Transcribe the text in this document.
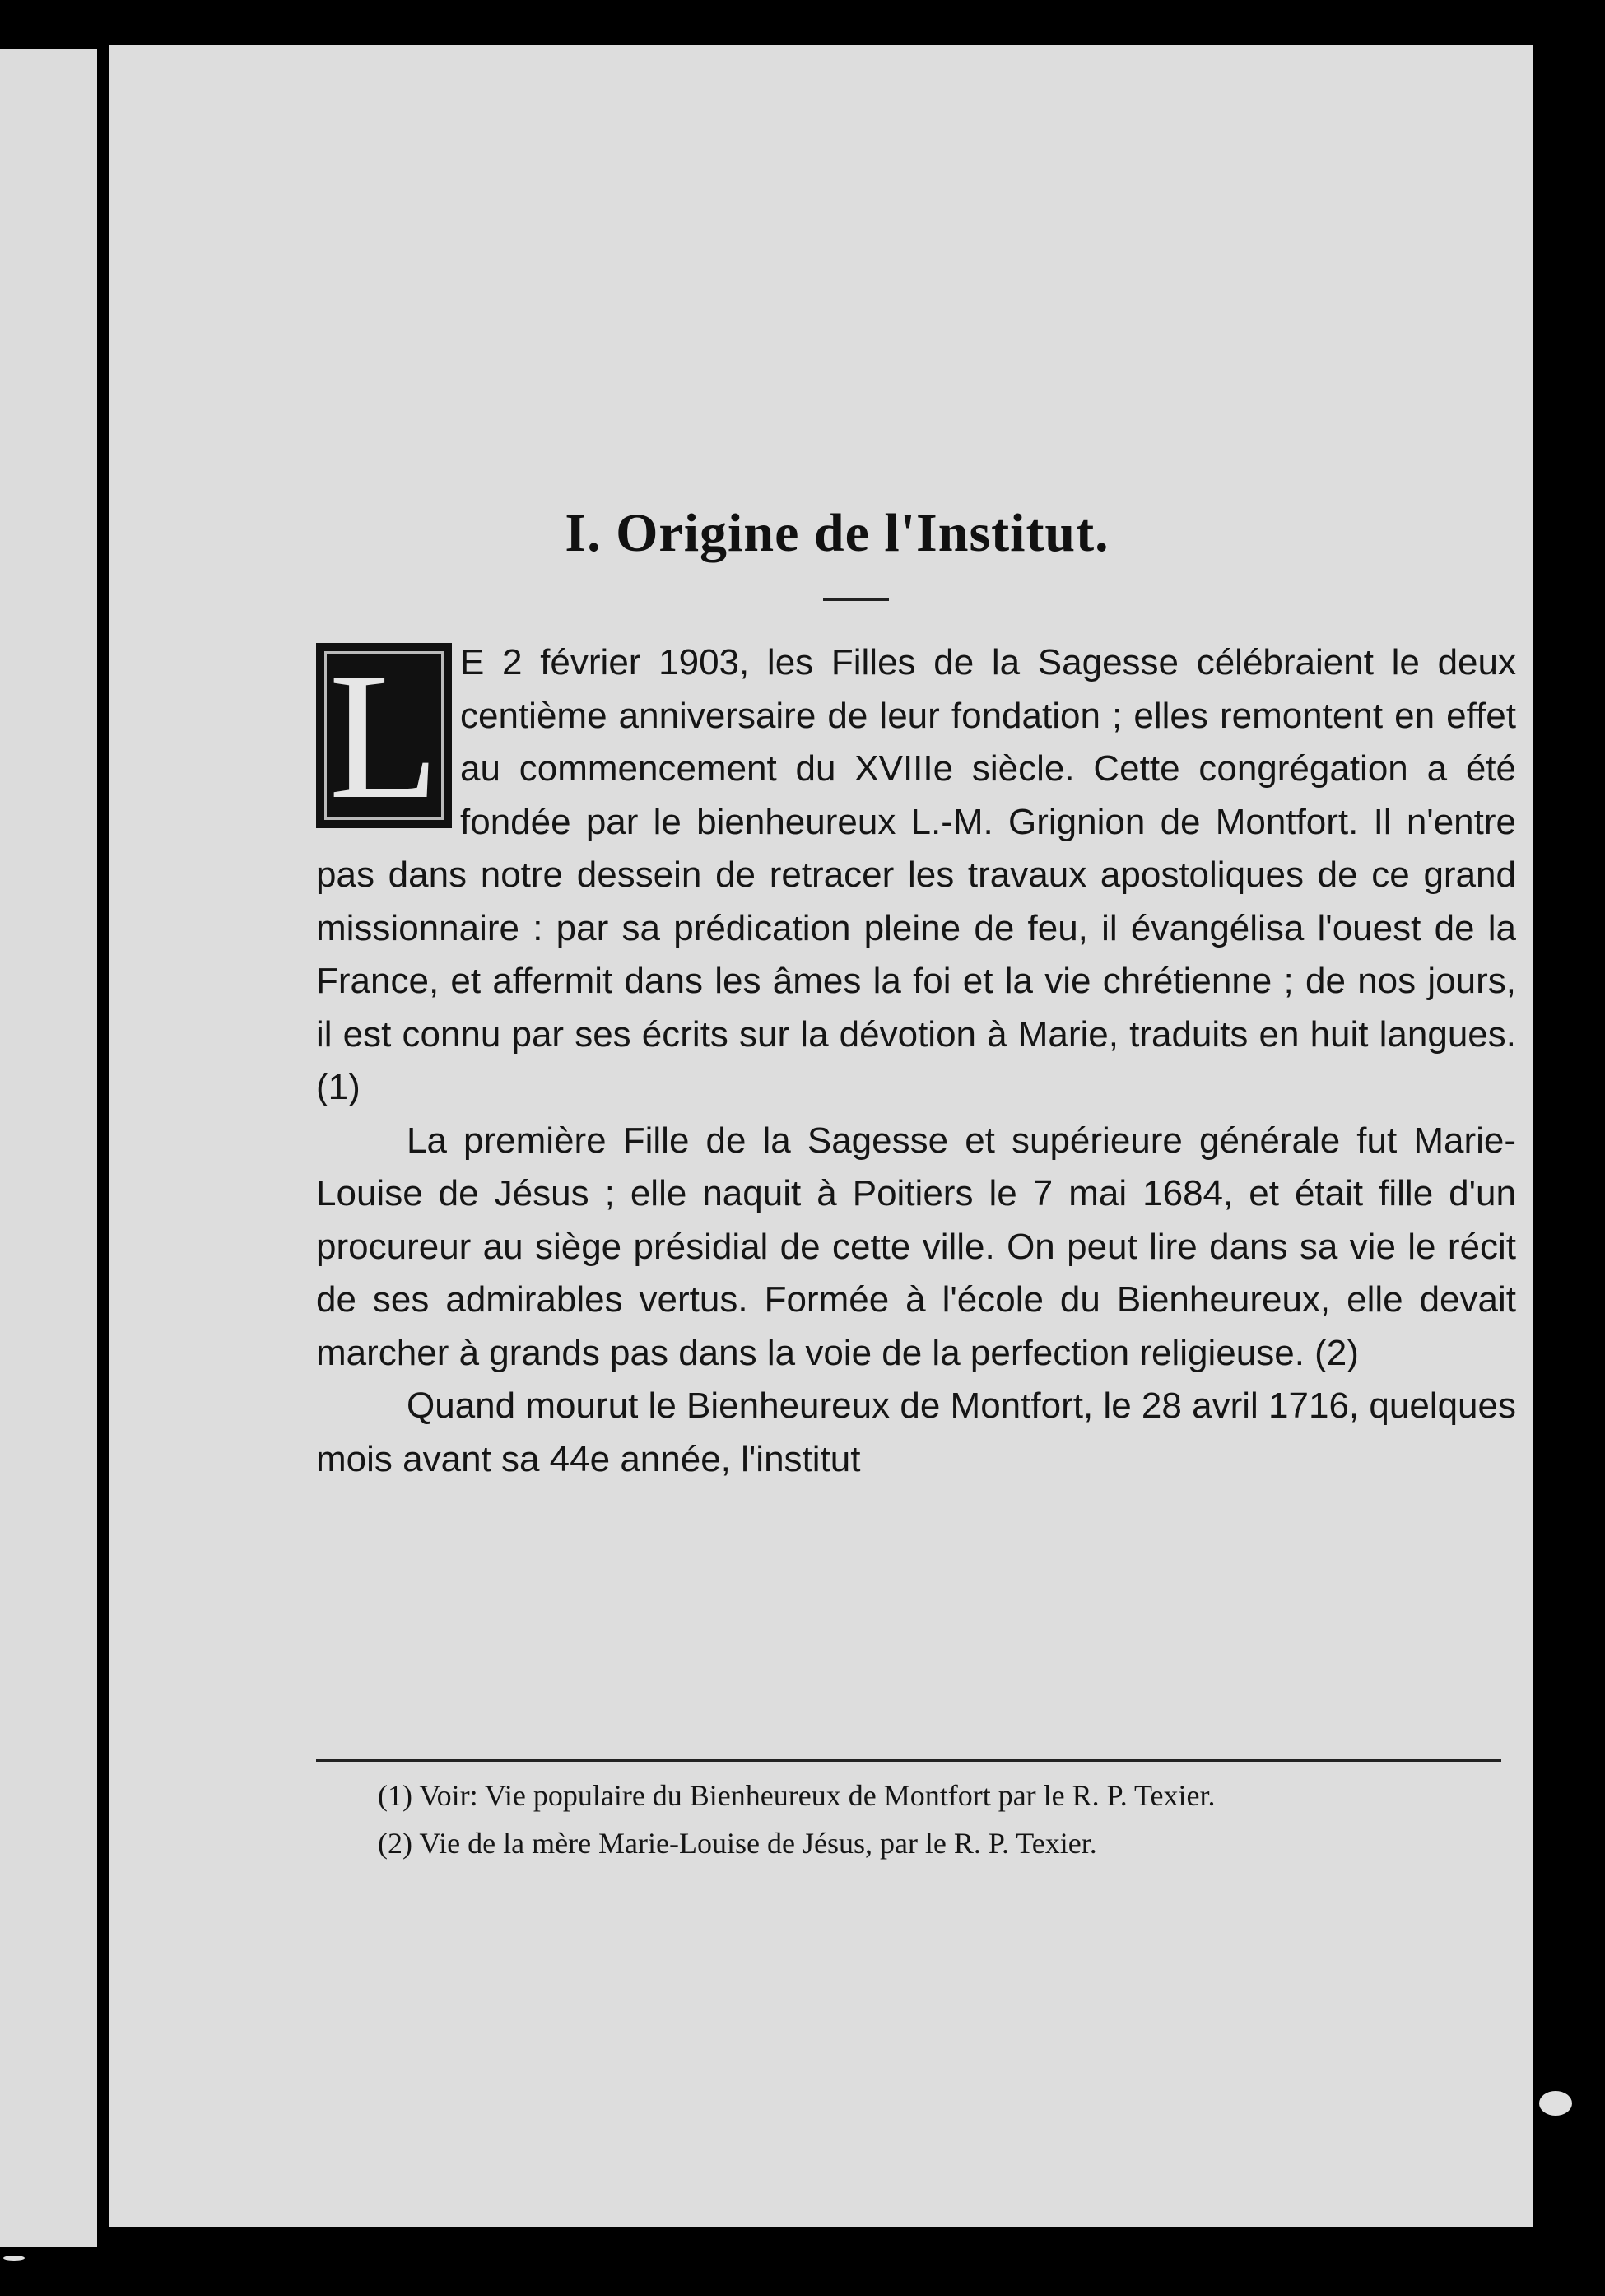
I. Origine de l'Institut.
L E 2 février 1903, les Filles de la Sagesse célébraient le deux centième anniversaire de leur fondation ; elles remontent en effet au commencement du XVIIIe siècle. Cette congrégation a été fondée par le bienheureux L.-M. Grignion de Montfort. Il n'entre pas dans notre dessein de retracer les travaux apostoliques de ce grand missionnaire : par sa prédication pleine de feu, il évangélisa l'ouest de la France, et affermit dans les âmes la foi et la vie chrétienne ; de nos jours, il est connu par ses écrits sur la dévotion à Marie, traduits en huit langues. (1)

La première Fille de la Sagesse et supérieure générale fut Marie-Louise de Jésus ; elle naquit à Poitiers le 7 mai 1684, et était fille d'un procureur au siège présidial de cette ville. On peut lire dans sa vie le récit de ses admirables vertus. Formée à l'école du Bienheureux, elle devait marcher à grands pas dans la voie de la perfection religieuse. (2)

Quand mourut le Bienheureux de Montfort, le 28 avril 1716, quelques mois avant sa 44e année, l'institut

(1) Voir: Vie populaire du Bienheureux de Montfort par le R. P. Texier.

(2) Vie de la mère Marie-Louise de Jésus, par le R. P. Texier.
